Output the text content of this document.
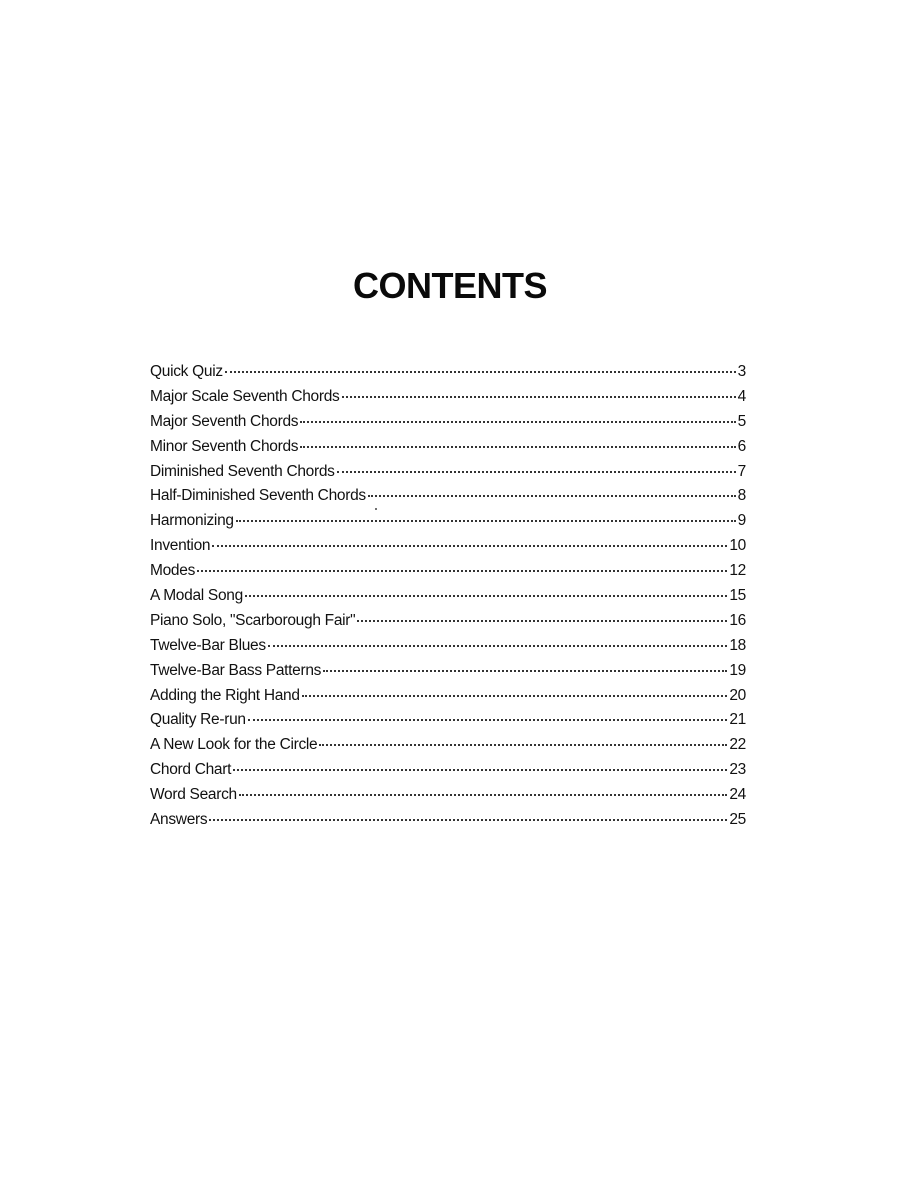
CONTENTS
Quick Quiz	3
Major Scale Seventh Chords	4
Major Seventh Chords	5
Minor Seventh Chords	6
Diminished Seventh Chords	7
Half-Diminished Seventh Chords	8
Harmonizing	9
Invention	10
Modes	12
A Modal Song	15
Piano Solo, "Scarborough Fair"	16
Twelve-Bar Blues	18
Twelve-Bar Bass Patterns	19
Adding the Right Hand	20
Quality Re-run	21
A New Look for the Circle	22
Chord Chart	23
Word Search	24
Answers	25
